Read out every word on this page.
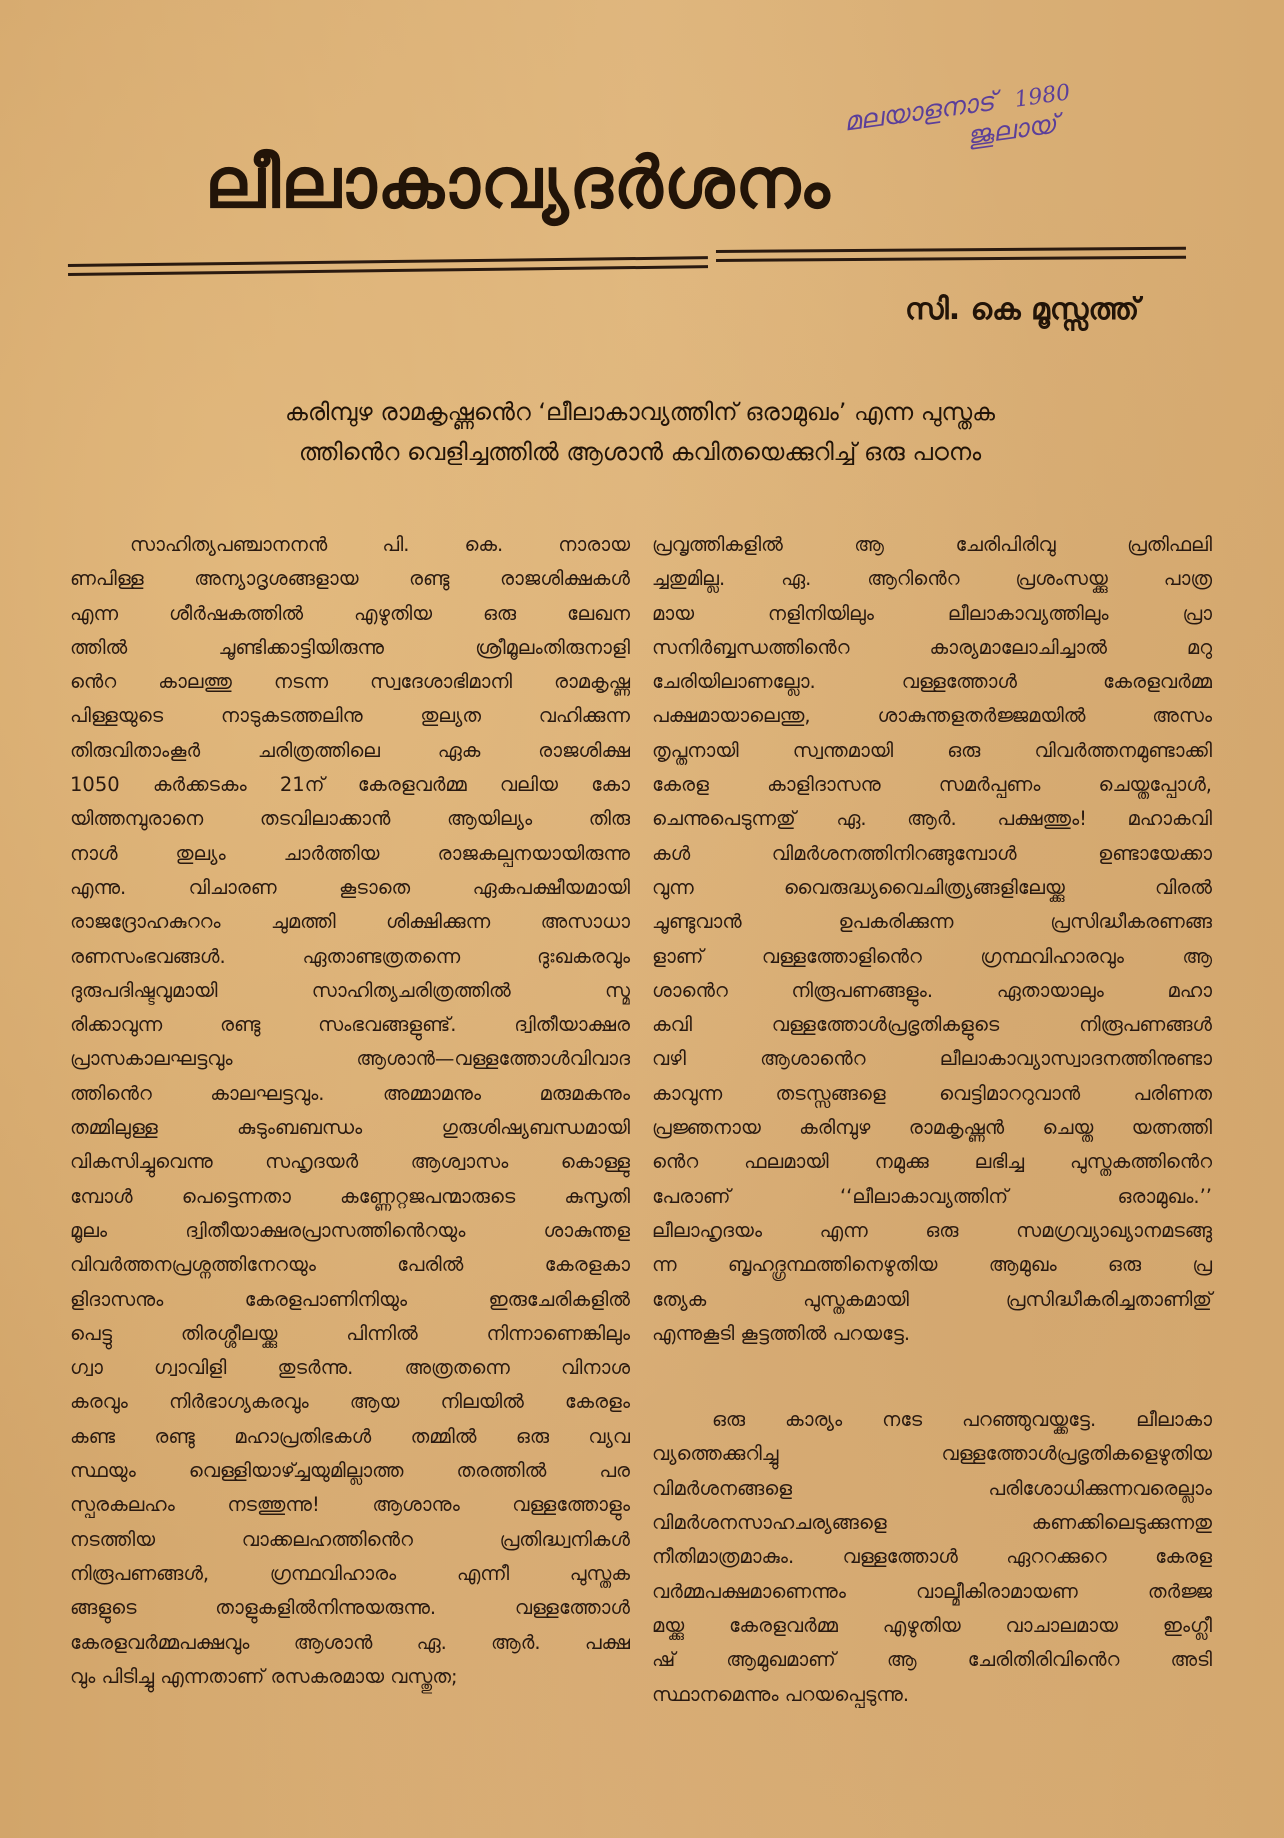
ലീലാകാവ്യദർശനം
മലയാളനാട് 1980
ജൂലായ്
സി. കെ മൂസ്സത്ത്
കരിമ്പുഴ രാമകൃഷ്ണൻെറ ‘ലീലാകാവ്യത്തിന് ഒരാമുഖം’ എന്ന പുസ്തക
ത്തിൻെറ വെളിച്ചത്തിൽ ആശാൻ കവിതയെക്കുറിച്ച് ഒരു പഠനം

സാഹിത്യപഞ്ചാനനൻ പി. കെ. നാരായ
ണപിള്ള അന്യാദൃശങ്ങളായ രണ്ടു രാജശിക്ഷകൾ
എന്ന ശീർഷകത്തിൽ എഴുതിയ ഒരു ലേഖന
ത്തിൽ ചൂണ്ടിക്കാട്ടിയിരുന്നു ശ്രീമൂലംതിരുനാളി
ൻെറ കാലത്തു നടന്ന സ്വദേശാഭിമാനി രാമകൃഷ്ണ
പിള്ളയുടെ നാടുകടത്തലിനു തുല്യത വഹിക്കുന്ന
തിരുവിതാംകൂർ ചരിത്രത്തിലെ ഏക രാജശിക്ഷ
1050 കർക്കടകം 21ന് കേരളവർമ്മ വലിയ കോ
യിത്തമ്പുരാനെ തടവിലാക്കാൻ ആയില്യം തിരു
നാൾ തുല്യം ചാർത്തിയ രാജകല്പനയായിരുന്നു
എന്നു. വിചാരണ കൂടാതെ ഏകപക്ഷീയമായി
രാജദ്രോഹകുററം ചുമത്തി ശിക്ഷിക്കുന്ന അസാധാ
രണസംഭവങ്ങൾ. ഏതാണ്ടത്രതന്നെ ദുഃഖകരവും
ദുരുപദിഷ്ടവുമായി സാഹിത്യചരിത്രത്തിൽ സ്മ
രിക്കാവുന്ന രണ്ടു സംഭവങ്ങളുണ്ട്. ദ്വിതീയാക്ഷര
പ്രാസകാലഘട്ടവും ആശാൻ—വള്ളത്തോൾവിവാദ
ത്തിൻെറ കാലഘട്ടവും. അമ്മാമനും മരുമകനും
തമ്മിലുള്ള കുടുംബബന്ധം ഗുരുശിഷ്യബന്ധമായി
വികസിച്ചുവെന്നു സഹൃദയർ ആശ്വാസം കൊള്ളു
മ്പോൾ പെട്ടെന്നതാ കണ്ണേറ്റജപന്മാരുടെ കുസൃതി
മൂലം ദ്വിതീയാക്ഷരപ്രാസത്തിൻെറയും ശാകുന്തള
വിവർത്തനപ്രശ്നത്തിനേറയും പേരിൽ കേരളകാ
ളിദാസനും കേരളപാണിനിയും ഇരുചേരികളിൽ
പെട്ടു തിരശ്ശീലയ്ക്കു പിന്നിൽ നിന്നാണെങ്കിലും
ഗ്വാ ഗ്വാവിളി തുടർന്നു. അത്രതന്നെ വിനാശ
കരവും നിർഭാഗ്യകരവും ആയ നിലയിൽ കേരളം
കണ്ട രണ്ടു മഹാപ്രതിഭകൾ തമ്മിൽ ഒരു വ്യവ
സ്ഥയും വെള്ളിയാഴ്ച്ചയുമില്ലാത്ത തരത്തിൽ പര
സ്പരകലഹം നടത്തുന്നു! ആശാനും വള്ളത്തോളും
നടത്തിയ വാക്കലഹത്തിൻെറ പ്രതിദ്ധ്വനികൾ
നിരൂപണങ്ങൾ, ഗ്രന്ഥവിഹാരം എന്നീ പുസ്തക
ങ്ങളുടെ താളുകളിൽനിന്നുയരുന്നു. വള്ളത്തോൾ
കേരളവർമ്മപക്ഷവും ആശാൻ ഏ. ആർ. പക്ഷ
വും പിടിച്ചു എന്നതാണ് രസകരമായ വസ്തുത;

പ്രവൃത്തികളിൽ ആ ചേരിപിരിവു പ്രതിഫലി
ച്ചതുമില്ല. ഏ. ആറിൻെറ പ്രശംസയ്ക്കു പാത്ര
മായ നളിനിയിലും ലീലാകാവ്യത്തിലും പ്രാ
സനിർബ്ബന്ധത്തിൻെറ കാര്യമാലോചിച്ചാൽ മറു
ചേരിയിലാണല്ലോ. വള്ളത്തോൾ കേരളവർമ്മ
പക്ഷമായാലെന്തു, ശാകുന്തളതർജ്ജമയിൽ അസം
തൃപ്തനായി സ്വന്തമായി ഒരു വിവർത്തനമുണ്ടാക്കി
കേരള കാളിദാസനു സമർപ്പണം ചെയ്തപ്പോൾ,
ചെന്നുപെടുന്നതു് ഏ. ആർ. പക്ഷത്തും! മഹാകവി
കൾ വിമർശനത്തിനിറങ്ങുമ്പോൾ ഉണ്ടായേക്കാ
വുന്ന വൈരുദ്ധ്യവൈചിത്ര്യങ്ങളിലേയ്ക്കു വിരൽ
ചൂണ്ടുവാൻ ഉപകരിക്കുന്ന പ്രസിദ്ധീകരണങ്ങ
ളാണ് വള്ളത്തോളിൻെറ ഗ്രന്ഥവിഹാരവും ആ
ശാൻെറ നിരൂപണങ്ങളും. ഏതായാലും മഹാ
കവി വള്ളത്തോൾപ്രഭൃതികളുടെ നിരൂപണങ്ങൾ
വഴി ആശാൻെറ ലീലാകാവ്യാസ്വാദനത്തിനുണ്ടാ
കാവുന്ന തടസ്സങ്ങളെ വെട്ടിമാററുവാൻ പരിണത
പ്രജ്ഞനായ കരിമ്പുഴ രാമകൃഷ്ണൻ ചെയ്ത യത്നത്തി
ൻെറ ഫലമായി നമുക്കു ലഭിച്ച പുസ്തകത്തിൻെറ
പേരാണ് ‘‘ലീലാകാവ്യത്തിന് ഒരാമുഖം.’’
ലീലാഹൃദയം എന്ന ഒരു സമഗ്രവ്യാഖ്യാനമടങ്ങു
ന്ന ബൃഹദ്ഗ്രന്ഥത്തിനെഴുതിയ ആമുഖം ഒരു പ്ര
ത്യേക പുസ്തകമായി പ്രസിദ്ധീകരിച്ചതാണിതു്
എന്നുകൂടി കൂട്ടത്തിൽ പറയട്ടേ.

ഒരു കാര്യം നടേ പറഞ്ഞുവയ്ക്കട്ടേ. ലീലാകാ
വ്യത്തെക്കുറിച്ചു വള്ളത്തോൾപ്രഭൃതികളെഴുതിയ
വിമർശനങ്ങളെ പരിശോധിക്കുന്നവരെല്ലാം
വിമർശനസാഹചര്യങ്ങളെ കണക്കിലെടുക്കുന്നതു
നീതിമാത്രമാകും. വള്ളത്തോൾ ഏററക്കുറെ കേരള
വർമ്മപക്ഷമാണെന്നും വാല്മീകിരാമായണ തർജ്ജ
മയ്ക്കു കേരളവർമ്മ എഴുതിയ വാചാലമായ ഇംഗ്ലീ
ഷ് ആമുഖമാണ് ആ ചേരിതിരിവിൻെറ അടി
സ്ഥാനമെന്നും പറയപ്പെടുന്നു.
